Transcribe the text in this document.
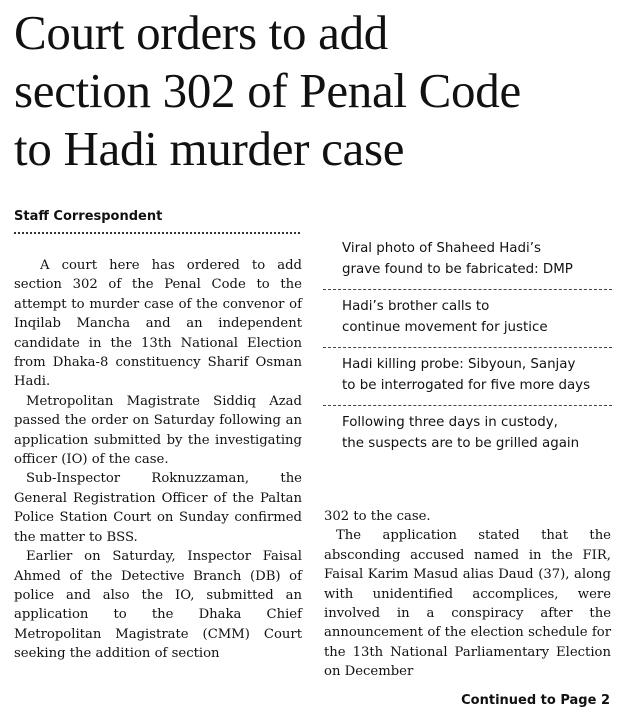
Court orders to add
section 302 of Penal Code
to Hadi murder case
Staff Correspondent

A court here has ordered to add section 302 of the Penal Code to the attempt to murder case of the convenor of Inqilab Mancha and an independent candidate in the 13th National Election from Dhaka-8 constituency Sharif Osman Hadi.

Metropolitan Magistrate Siddiq Azad passed the order on Saturday following an application submitted by the investigating officer (IO) of the case.

Sub-Inspector Roknuzzaman, the General Registration Officer of the Paltan Police Station Court on Sunday confirmed the matter to BSS.

Earlier on Saturday, Inspector Faisal Ahmed of the Detective Branch (DB) of police and also the IO, submitted an application to the Dhaka Chief Metropolitan Magistrate (CMM) Court seeking the addition of section

Viral photo of Shaheed Hadi’s
grave found to be fabricated: DMP
Hadi’s brother calls to
continue movement for justice
Hadi killing probe: Sibyoun, Sanjay
to be interrogated for five more days
Following three days in custody,
the suspects are to be grilled again

302 to the case.

The application stated that the absconding accused named in the FIR, Faisal Karim Masud alias Daud (37), along with unidentified accomplices, were involved in a conspiracy after the announcement of the election schedule for the 13th National Parliamentary Election on December

Continued to Page 2
